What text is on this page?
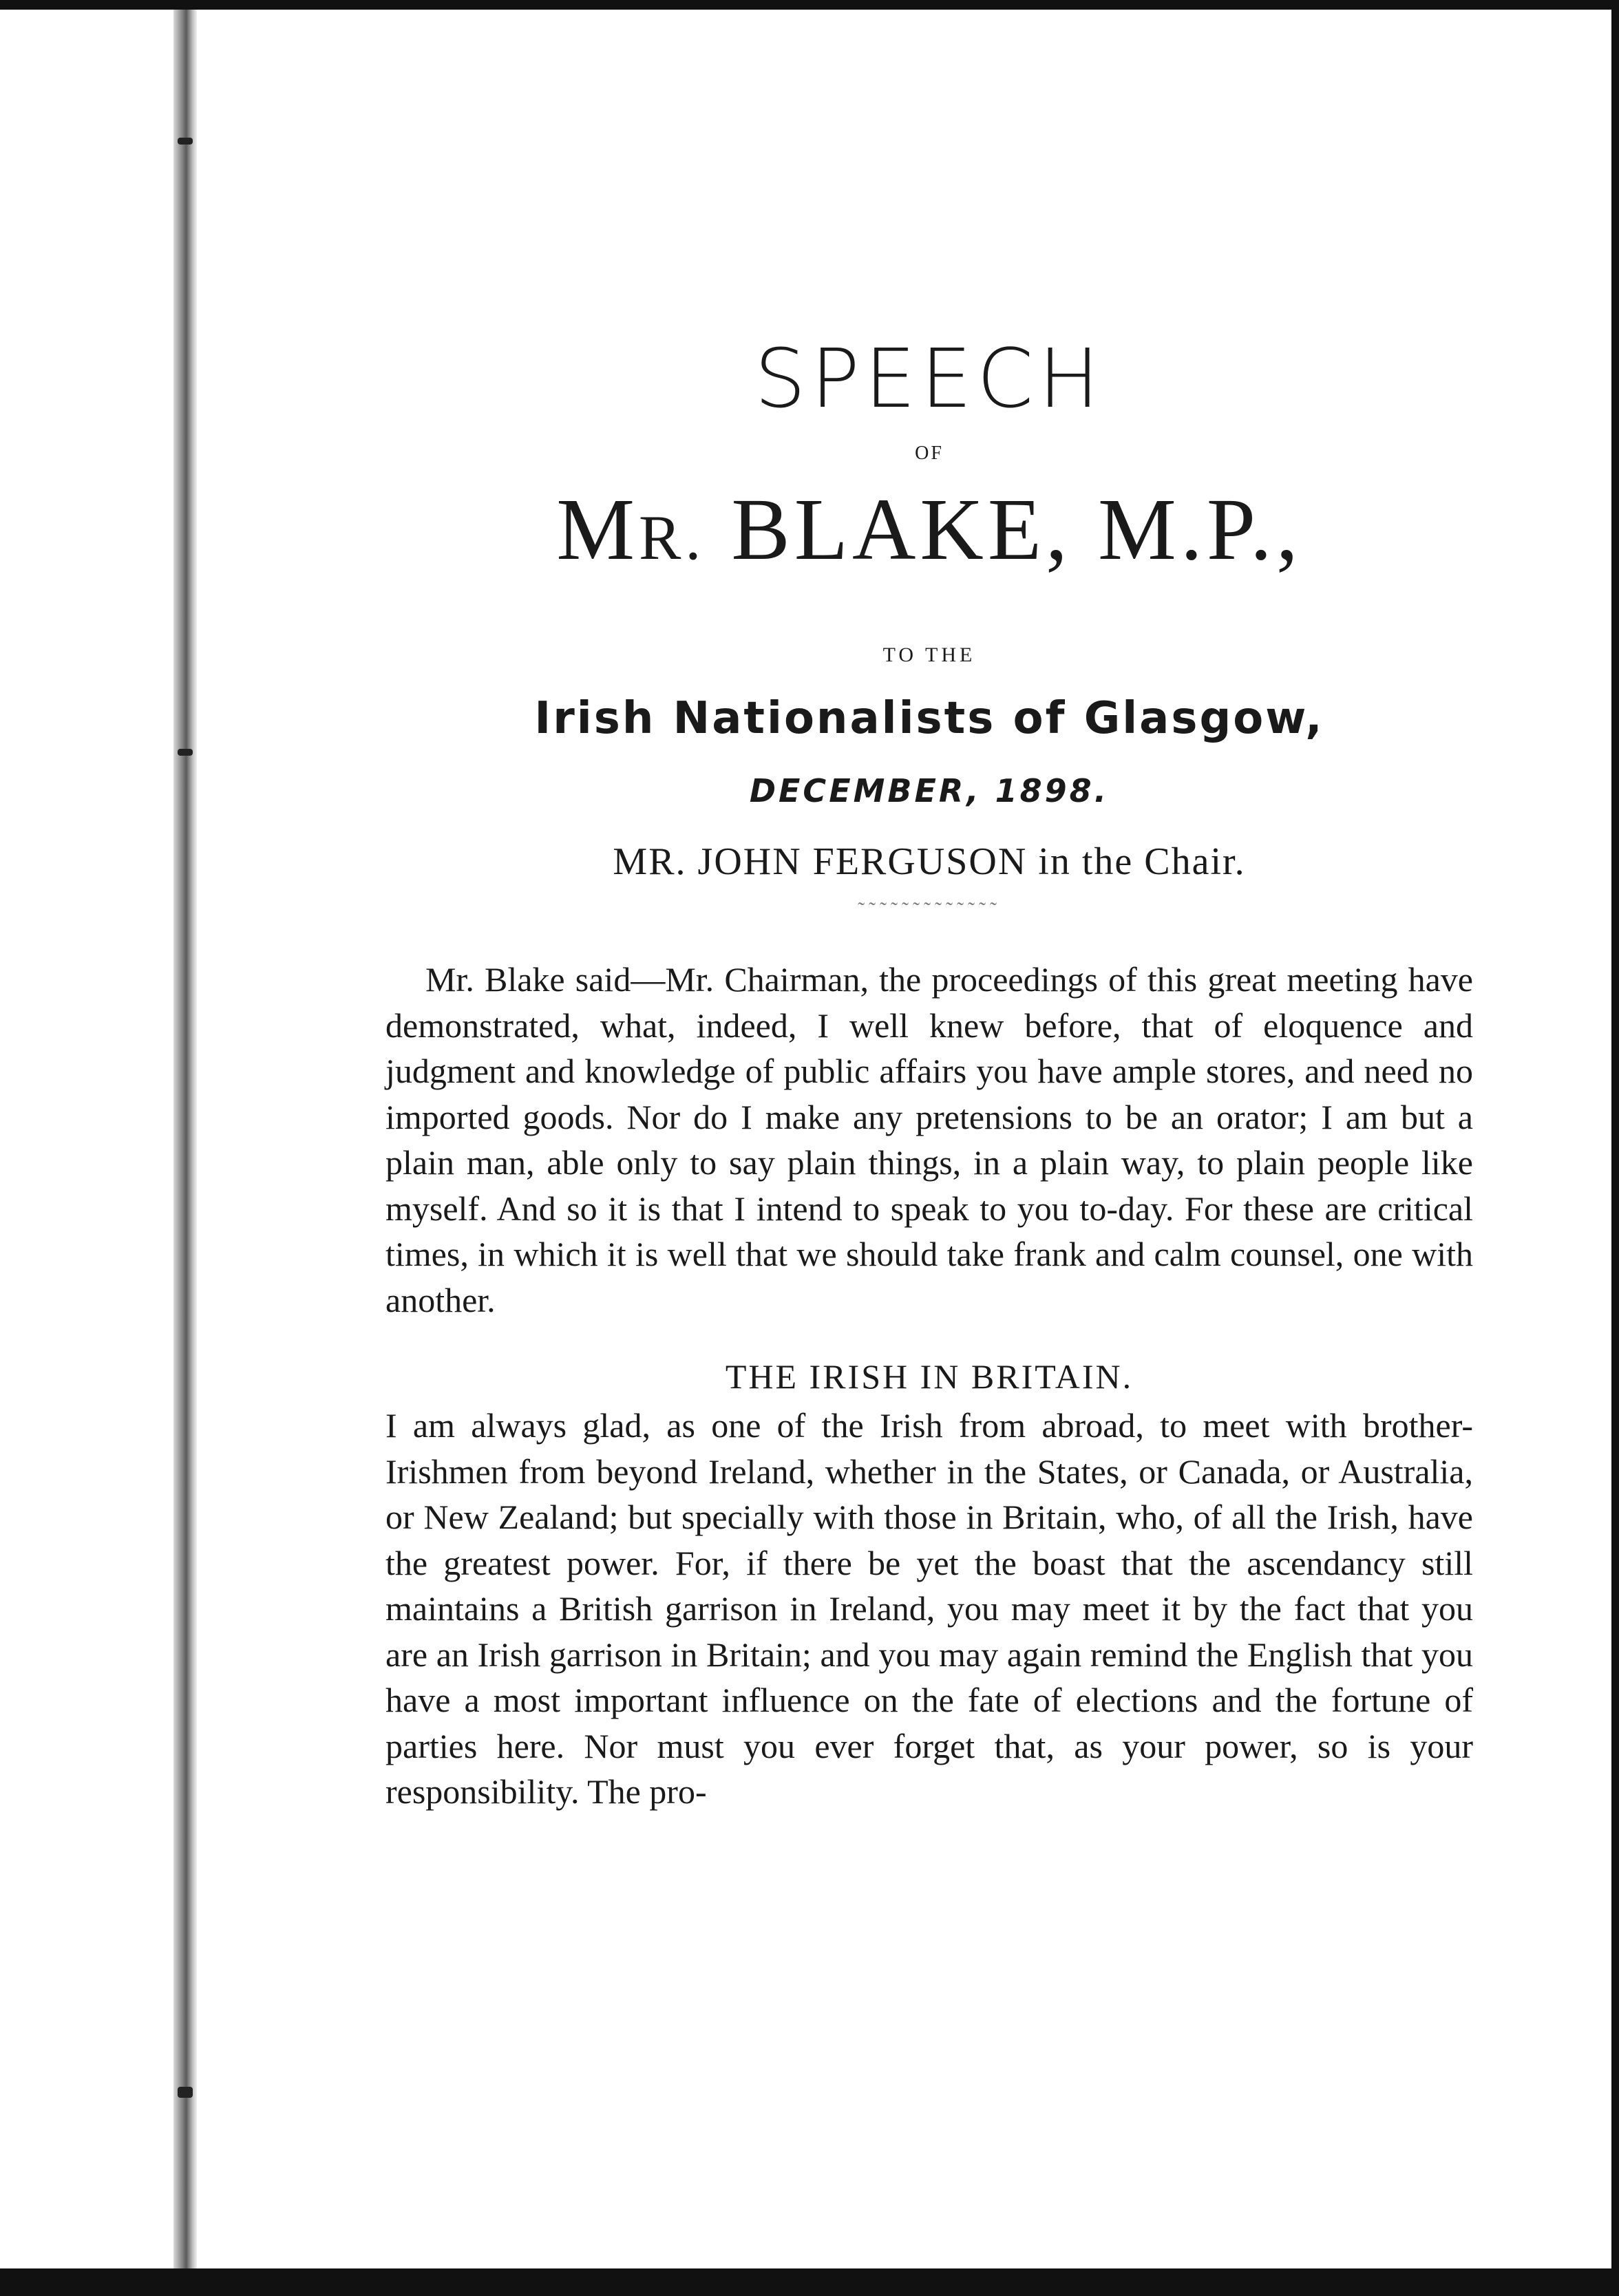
SPEECH
OF
MR. BLAKE, M.P.,
TO THE
Irish Nationalists of Glasgow,
DECEMBER, 1898.
MR. JOHN FERGUSON in the Chair.
˜˜˜˜˜˜˜˜˜˜˜˜˜

Mr. Blake said—Mr. Chairman, the proceedings of this great meeting have demonstrated, what, indeed, I well knew before, that of eloquence and judgment and knowledge of public affairs you have ample stores, and need no imported goods. Nor do I make any pretensions to be an orator; I am but a plain man, able only to say plain things, in a plain way, to plain people like myself. And so it is that I intend to speak to you to-day. For these are critical times, in which it is well that we should take frank and calm counsel, one with another.

THE IRISH IN BRITAIN.

I am always glad, as one of the Irish from abroad, to meet with brother-Irishmen from beyond Ireland, whether in the States, or Canada, or Australia, or New Zealand; but specially with those in Britain, who, of all the Irish, have the greatest power. For, if there be yet the boast that the ascendancy still maintains a British garrison in Ireland, you may meet it by the fact that you are an Irish garrison in Britain; and you may again remind the English that you have a most important influence on the fate of elections and the fortune of parties here. Nor must you ever forget that, as your power, so is your responsibility. The pro-
